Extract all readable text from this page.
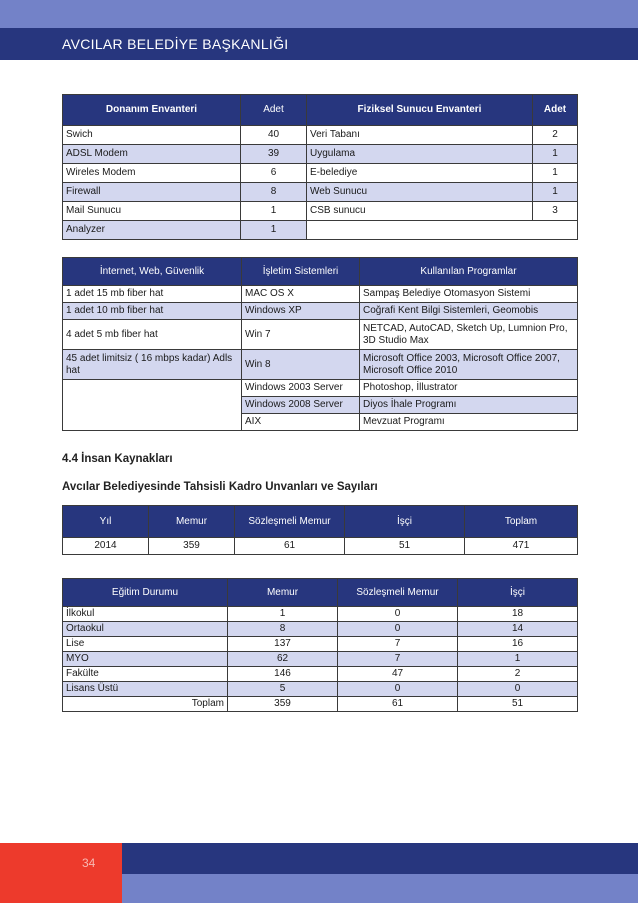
AVCILAR BELEDİYE BAŞKANLIĞI
Donanım Envanteri	Adet	Fiziksel Sunucu Envanteri	Adet
Swich	40	Veri Tabanı	2
ADSL Modem	39	Uygulama	1
Wireles Modem	6	E-belediye	1
Firewall	8	Web Sunucu	1
Mail Sunucu	1	CSB sunucu	3
Analyzer	1		
İnternet, Web, Güvenlik	İşletim Sistemleri	Kullanılan Programlar
1 adet 15 mb fiber hat	MAC OS X	Sampaş Belediye Otomasyon Sistemi
1 adet 10 mb fiber hat	Windows XP	Coğrafi Kent Bilgi Sistemleri, Geomobis
4 adet 5 mb fiber hat	Win 7	NETCAD, AutoCAD, Sketch Up, Lumnion Pro, 3D Studio Max
45 adet limitsiz ( 16 mbps kadar) Adls hat	Win 8	Microsoft Office 2003, Microsoft Office 2007, Microsoft Office 2010
	Windows 2003 Server	Photoshop, İllustrator
	Windows 2008 Server	Diyos İhale Programı
	AIX	Mevzuat Programı
4.4 İnsan Kaynakları
Avcılar Belediyesinde Tahsisli Kadro Unvanları ve Sayıları
Yıl	Memur	Sözleşmeli Memur	İşçi	Toplam
2014	359	61	51	471
Eğitim Durumu	Memur	Sözleşmeli Memur	İşçi
İlkokul	1	0	18
Ortaokul	8	0	14
Lise	137	7	16
MYO	62	7	1
Fakülte	146	47	2
Lisans Üstü	5	0	0
Toplam	359	61	51
34
